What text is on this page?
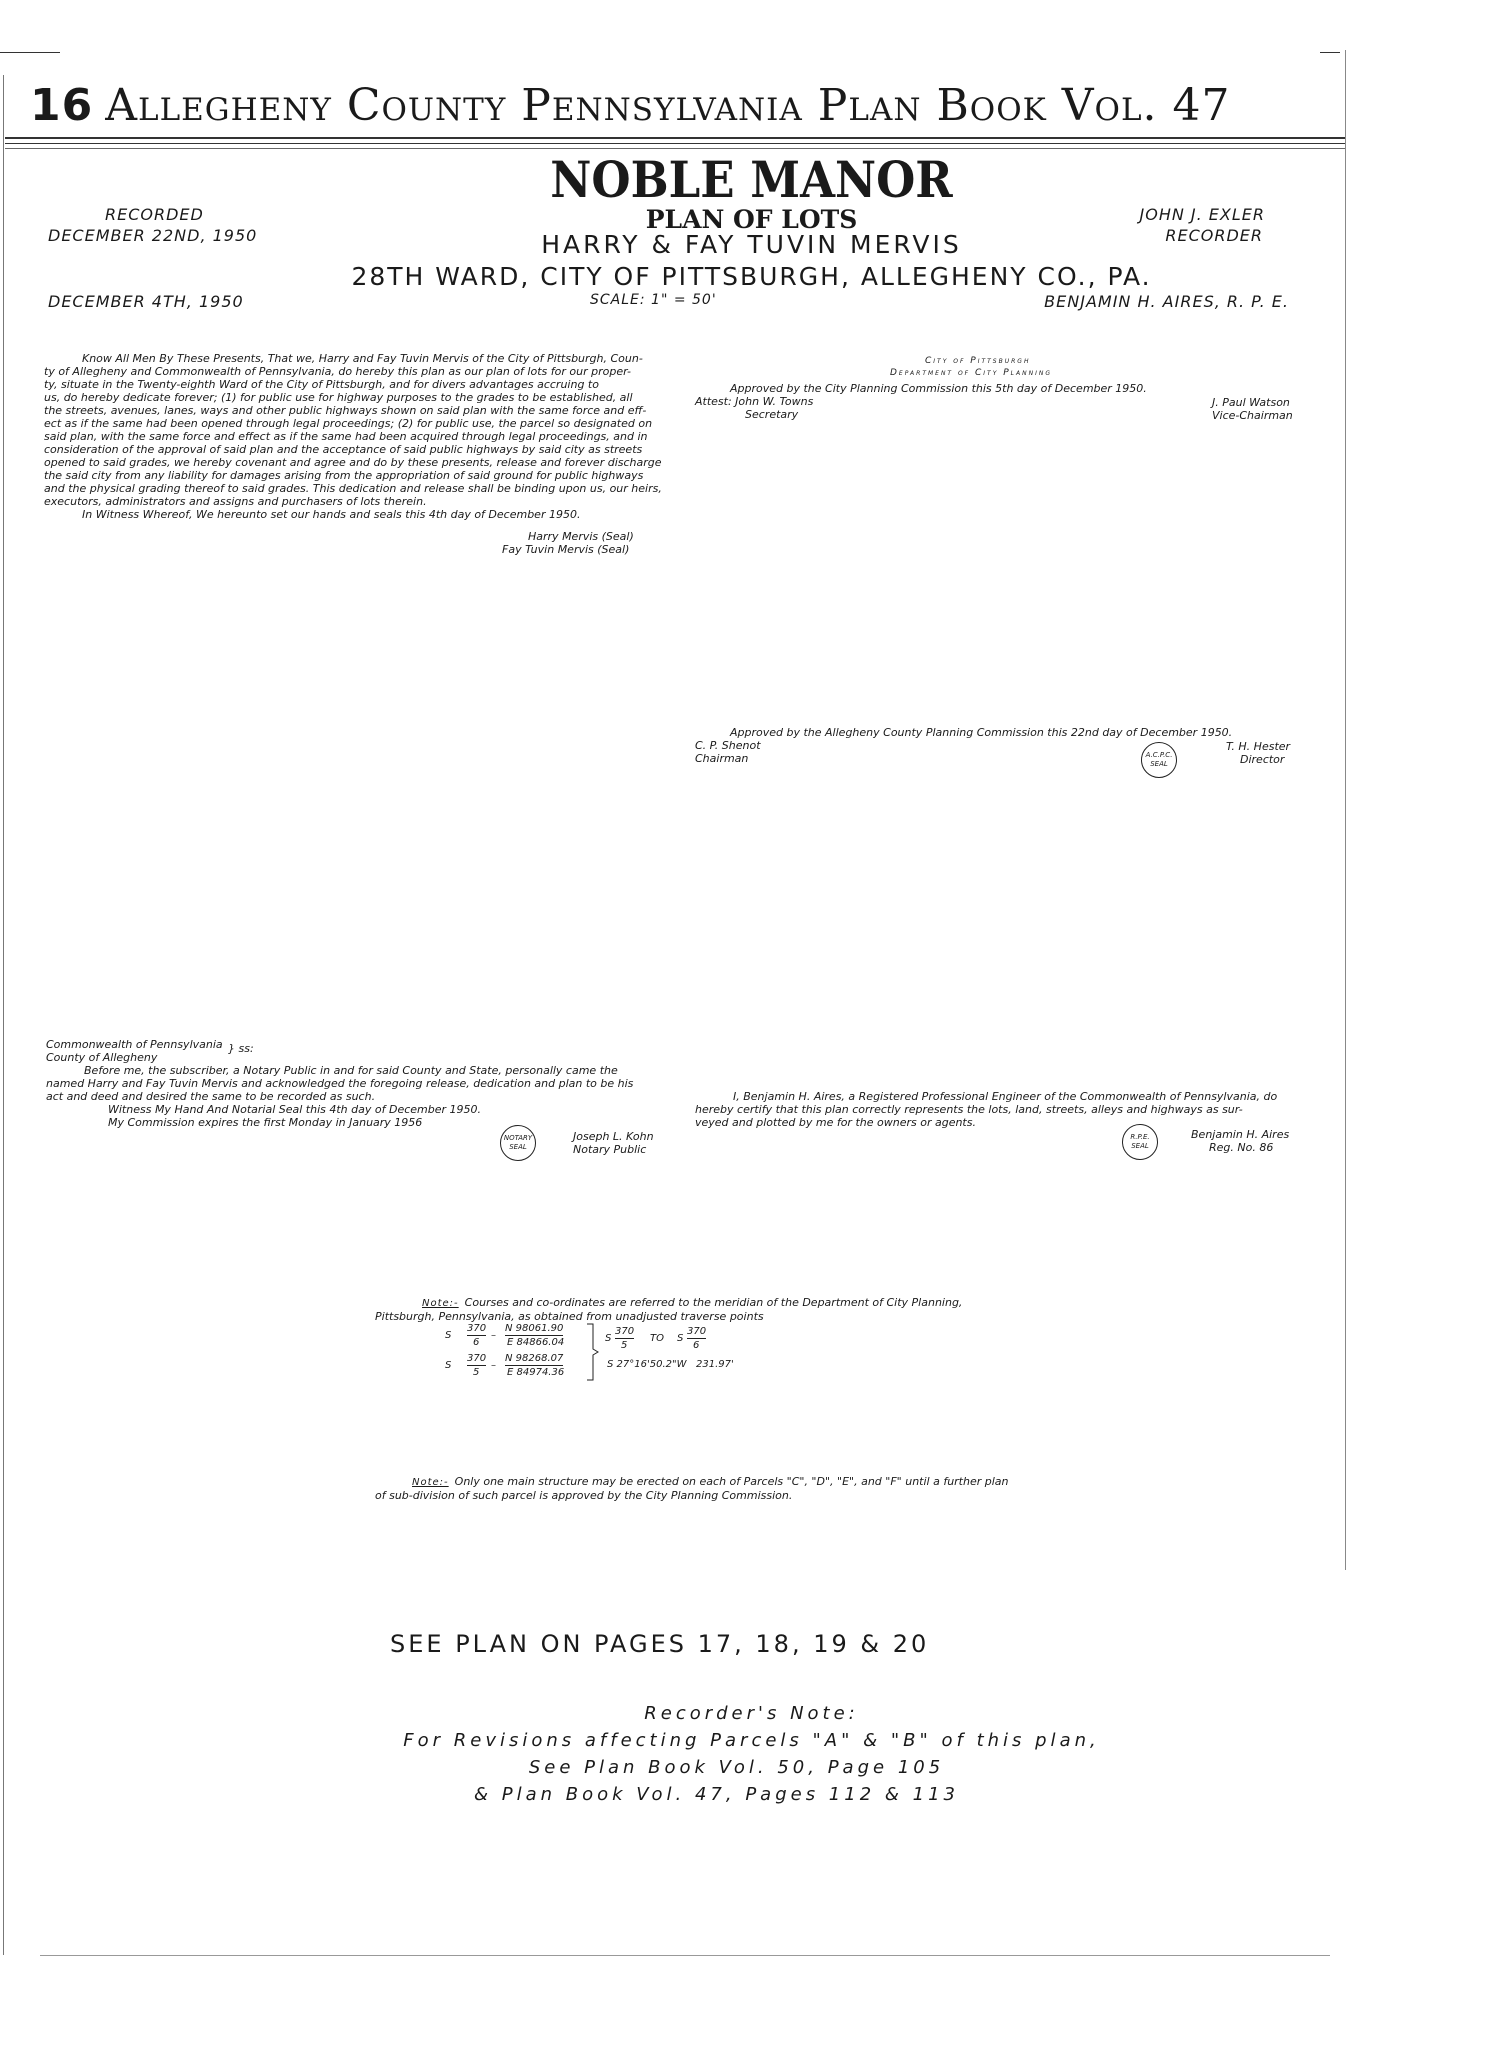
16 Allegheny County Pennsylvania Plan Book Vol. 47
NOBLE MANOR
PLAN OF LOTS
HARRY & FAY TUVIN MERVIS
28TH WARD, CITY OF PITTSBURGH, ALLEGHENY CO., PA.
RECORDED
DECEMBER 22ND, 1950
JOHN J. EXLER
RECORDER
DECEMBER 4TH, 1950	SCALE: 1" = 50'	BENJAMIN H. AIRES, R. P. E.
Know All Men By These Presents, That we, Harry and Fay Tuvin Mervis of the City of Pittsburgh, Coun-
ty of Allegheny and Commonwealth of Pennsylvania, do hereby this plan as our plan of lots for our proper-
ty, situate in the Twenty-eighth Ward of the City of Pittsburgh, and for divers advantages accruing to
us, do hereby dedicate forever; (1) for public use for highway purposes to the grades to be established, all
the streets, avenues, lanes, ways and other public highways shown on said plan with the same force and eff-
ect as if the same had been opened through legal proceedings; (2) for public use, the parcel so designated on
said plan, with the same force and effect as if the same had been acquired through legal proceedings, and in
consideration of the approval of said plan and the acceptance of said public highways by said city as streets
opened to said grades, we hereby covenant and agree and do by these presents, release and forever discharge
the said city from any liability for damages arising from the appropriation of said ground for public highways
and the physical grading thereof to said grades. This dedication and release shall be binding upon us, our heirs,
executors, administrators and assigns and purchasers of lots therein.
In Witness Whereof, We hereunto set our hands and seals this 4th day of December 1950.
Harry Mervis (Seal)
Fay Tuvin Mervis (Seal)
City of Pittsburgh
Department of City Planning
Approved by the City Planning Commission this 5th day of December 1950.
Attest: John W. Towns
Secretary
J. Paul Watson
Vice-Chairman
Approved by the Allegheny County Planning Commission this 22nd day of December 1950.
C. P. Shenot
Chairman	A.C.P.C.
SEAL
T. H. Hester
Director
Commonwealth of Pennsylvania
County of Allegheny
} ss:
Before me, the subscriber, a Notary Public in and for said County and State, personally came the
named Harry and Fay Tuvin Mervis and acknowledged the foregoing release, dedication and plan to be his
act and deed and desired the same to be recorded as such.
Witness My Hand And Notarial Seal this 4th day of December 1950.
My Commission expires the first Monday in January 1956
NOTARY
SEAL
Joseph L. Kohn
Notary Public
I, Benjamin H. Aires, a Registered Professional Engineer of the Commonwealth of Pennsylvania, do
hereby certify that this plan correctly represents the lots, land, streets, alleys and highways as sur-
veyed and plotted by me for the owners or agents.
R.P.E.
SEAL
Benjamin H. Aires
Reg. No. 86
Note:- Courses and co-ordinates are referred to the meridian of the Department of City Planning,
Pittsburgh, Pennsylvania, as obtained from unadjusted traverse points
S
370
6
–
N 98061.90
E 84866.04
S
370
5
–
N 98268.07
E 84974.36
S
370
5
TO S
370
6
S 27°16'50.2"W   231.97'
Note:- Only one main structure may be erected on each of Parcels "C", "D", "E", and "F" until a further plan
of sub-division of such parcel is approved by the City Planning Commission.
SEE PLAN ON PAGES 17, 18, 19 & 20
Recorder's Note:
For Revisions affecting Parcels "A" & "B" of this plan,
See Plan Book Vol. 50, Page 105
& Plan Book Vol. 47, Pages 112 & 113
